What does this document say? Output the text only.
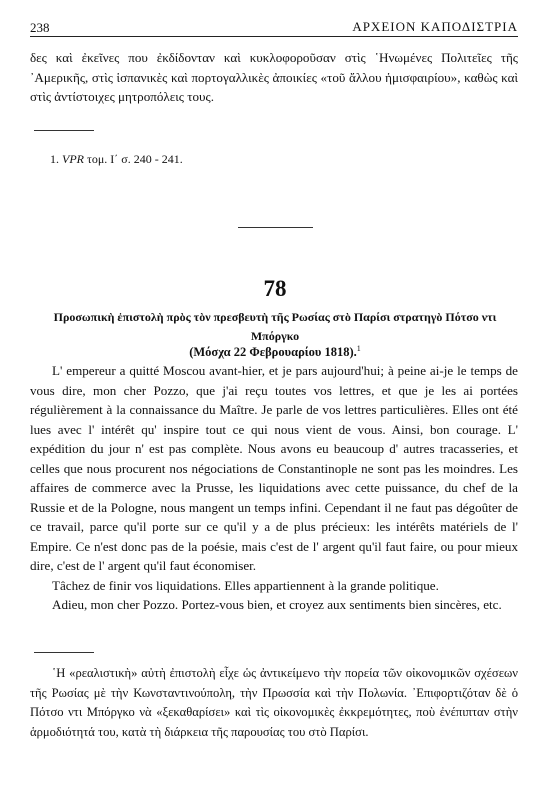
238	ΑΡΧΕΙΟΝ ΚΑΠΟΔΙΣΤΡΙΑ

δες καὶ ἐκεῖνες που ἐκδίδονταν καὶ κυκλοφοροῦσαν στὶς ῾Ηνωμένες Πολιτεῖες τῆς ᾿Αμερικῆς, στὶς ἱσπανικὲς καὶ πορτογαλλικὲς ἀποικίες «τοῦ ἄλλου ἡμισφαιρίου», καθὼς καὶ στὶς ἀντίστοιχες μητροπόλεις τους.

1. VPR τομ. Ι΄ σ. 240 - 241.
78
Προσωπικὴ ἐπιστολὴ πρὸς τὸν πρεσβευτὴ τῆς Ρωσίας στὸ Παρίσι στρατηγὸ Πότσο ντι Μπόργκο
(Μόσχα 22 Φεβρουαρίου 1818).$^1$

L' empereur a quitté Moscou avant-hier, et je pars aujourd'hui; à peine ai-je le temps de vous dire, mon cher Pozzo, que j'ai reçu toutes vos lettres, et que je les ai portées régulièrement à la connaissance du Maître. Je parle de vos lettres particulières. Elles ont été lues avec l' intérêt qu' inspire tout ce qui nous vient de vous. Ainsi, bon courage. L' expédition du jour n' est pas complète. Nous avons eu beaucoup d' autres tracasseries, et celles que nous procurent nos négociations de Constantinople ne sont pas les moindres. Les affaires de commerce avec la Prusse, les liquidations avec cette puissance, du chef de la Russie et de la Pologne, nous mangent un temps infini. Cependant il ne faut pas dégoûter de ce travail, parce qu'il porte sur ce qu'il y a de plus précieux: les intérêts matériels de l' Empire. Ce n'est donc pas de la poésie, mais c'est de l' argent qu'il faut faire, ou pour mieux dire, c'est de l' argent qu'il faut économiser.

Tâchez de finir vos liquidations. Elles appartiennent à la grande politique.

Adieu, mon cher Pozzo. Portez-vous bien, et croyez aux sentiments bien sincères, etc.

῾Η «ρεαλιστικὴ» αὐτὴ ἐπιστολὴ εἶχε ὡς ἀντικείμενο τὴν πορεία τῶν οἰκονομικῶν σχέσεων τῆς Ρωσίας μὲ τὴν Κωνσταντινούπολη, τὴν Πρωσσία καὶ τὴν Πολωνία. ᾿Επιφορτιζόταν δὲ ὁ Πότσο ντι Μπόργκο νὰ «ξεκαθαρίσει» καὶ τὶς οἰκονομικὲς ἐκκρεμότητες, ποὺ ἐνέπιπταν στὴν ἁρμοδιότητά του, κατὰ τὴ διάρκεια τῆς παρουσίας του στὸ Παρίσι.
